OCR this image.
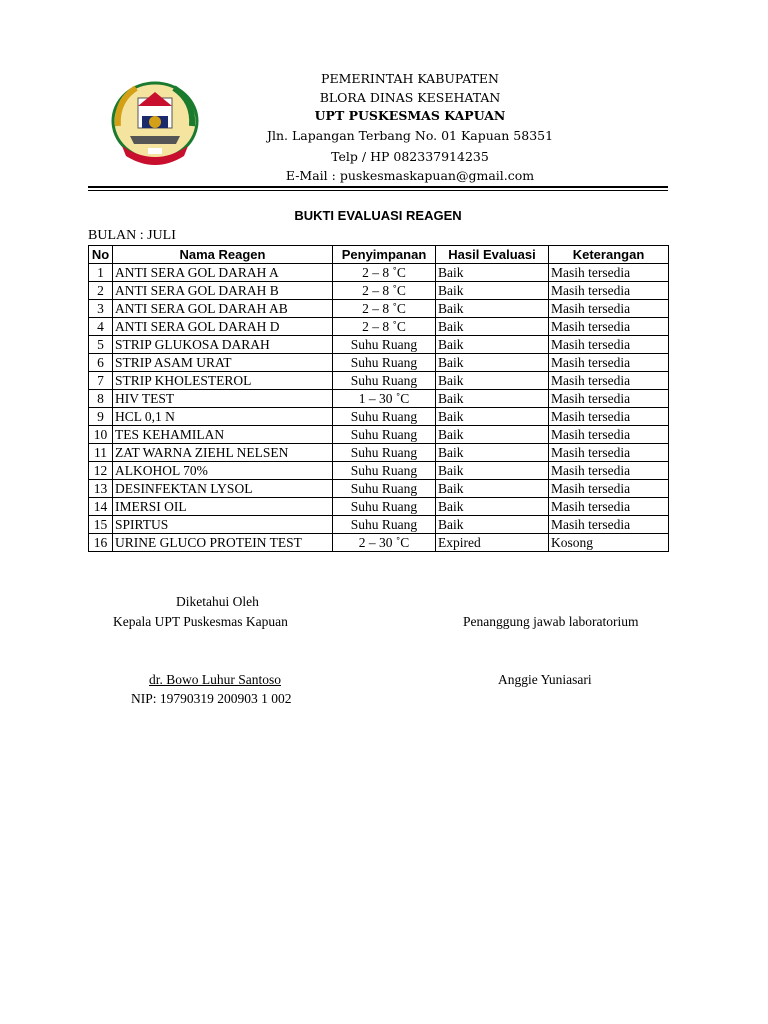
PEMERINTAH KABUPATEN
BLORA DINAS KESEHATAN
UPT PUSKESMAS KAPUAN
Jln. Lapangan Terbang No. 01 Kapuan 58351
Telp / HP 082337914235
E-Mail : puskesmaskapuan@gmail.com
BUKTI EVALUASI REAGEN
BULAN : JULI
No	Nama Reagen	Penyimpanan	Hasil Evaluasi	Keterangan
1	ANTI SERA GOL DARAH A	2 – 8 ˚C	Baik	Masih tersedia
2	ANTI SERA GOL DARAH B	2 – 8 ˚C	Baik	Masih tersedia
3	ANTI SERA GOL DARAH AB	2 – 8 ˚C	Baik	Masih tersedia
4	ANTI SERA GOL DARAH D	2 – 8 ˚C	Baik	Masih tersedia
5	STRIP GLUKOSA DARAH	Suhu Ruang	Baik	Masih tersedia
6	STRIP ASAM URAT	Suhu Ruang	Baik	Masih tersedia
7	STRIP KHOLESTEROL	Suhu Ruang	Baik	Masih tersedia
8	HIV TEST	1 – 30 ˚C	Baik	Masih tersedia
9	HCL 0,1 N	Suhu Ruang	Baik	Masih tersedia
10	TES KEHAMILAN	Suhu Ruang	Baik	Masih tersedia
11	ZAT WARNA ZIEHL NELSEN	Suhu Ruang	Baik	Masih tersedia
12	ALKOHOL 70%	Suhu Ruang	Baik	Masih tersedia
13	DESINFEKTAN LYSOL	Suhu Ruang	Baik	Masih tersedia
14	IMERSI OIL	Suhu Ruang	Baik	Masih tersedia
15	SPIRTUS	Suhu Ruang	Baik	Masih tersedia
16	URINE GLUCO PROTEIN TEST	2 – 30 ˚C	Expired	Kosong
Diketahui Oleh
Kepala UPT Puskesmas Kapuan	Penanggung jawab laboratorium
dr. Bowo Luhur Santoso	Anggie Yuniasari
NIP: 19790319 200903 1 002
